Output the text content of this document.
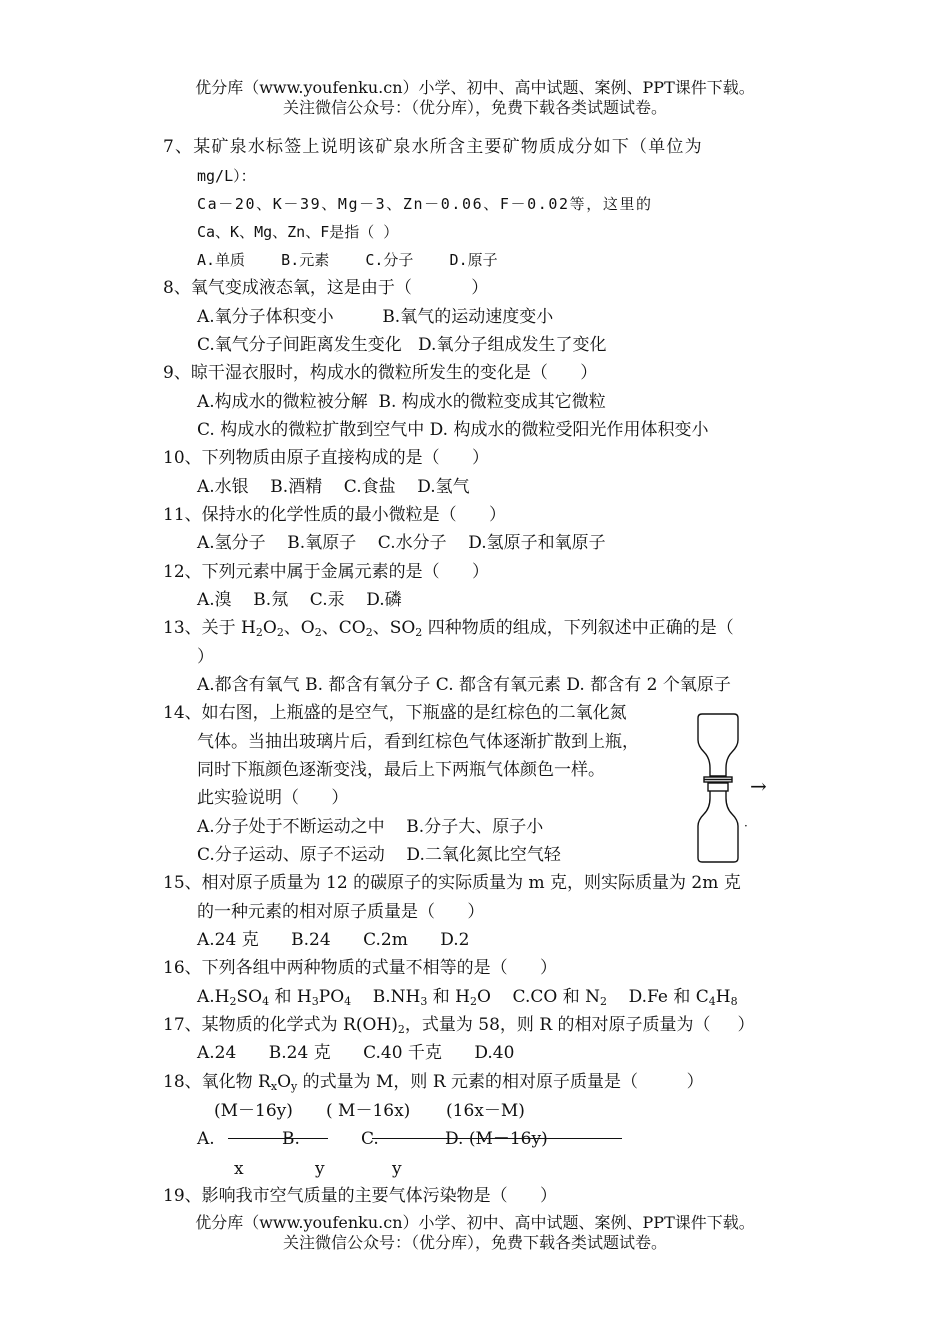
优分库（www.youfenku.cn）小学、初中、高中试题、案例、PPT课件下载。
关注微信公众号：（优分库），免费下载各类试题试卷。
7、某矿泉水标签上说明该矿泉水所含主要矿物质成分如下（单位为
mg/L）：
Ca－20、K－39、Mg－3、Zn－0.06、F－0.02等，这里的
Ca、K、Mg、Zn、F是指（ ）
A.单质    B.元素    C.分子    D.原子
8、氧气变成液态氧，这是由于（           ）
A.氧分子体积变小         B.氧气的运动速度变小
C.氧气分子间距离发生变化   D.氧分子组成发生了变化
9、晾干湿衣服时，构成水的微粒所发生的变化是（      ）
A.构成水的微粒被分解  B. 构成水的微粒变成其它微粒
C. 构成水的微粒扩散到空气中 D. 构成水的微粒受阳光作用体积变小
10、下列物质由原子直接构成的是（      ）
A.水银    B.酒精    C.食盐    D.氢气
11、保持水的化学性质的最小微粒是（      ）
A.氢分子    B.氧原子    C.水分子    D.氢原子和氧原子
12、下列元素中属于金属元素的是（      ）
A.溴    B.氖    C.汞    D.磷
13、关于 $H_2O_2$、$O_2$、$CO_2$、$SO_2$ 四种物质的组成，下列叙述中正确的是（
）
A.都含有氧气 B. 都含有氧分子 C. 都含有氧元素 D. 都含有 2 个氧原子
14、如右图，上瓶盛的是空气，下瓶盛的是红棕色的二氧化氮
气体。当抽出玻璃片后，看到红棕色气体逐渐扩散到上瓶，
同时下瓶颜色逐渐变浅，最后上下两瓶气体颜色一样。
此实验说明（      ）
A.分子处于不断运动之中    B.分子大、原子小
C.分子运动、原子不运动    D.二氧化氮比空气轻
→
·
15、相对原子质量为 12 的碳原子的实际质量为 m 克，则实际质量为 2m 克
的一种元素的相对原子质量是（      ）
A.24 克      B.24      C.2m      D.2
16、下列各组中两种物质的式量不相等的是（      ）
$A.H_2SO_4$ 和 $H_3PO_4$    $B.NH_3$ 和 $H_2O$    C.CO 和 $N_2$    D.Fe 和 $C_4H_8$
17、某物质的化学式为 $R(OH)_2$，式量为 58，则 R 的相对原子质量为（     ）
A.24      B.24 克      C.40 千克      D.40
18、氧化物 $R_xO_y$ 的式量为 M，则 R 元素的相对原子质量是（         ）
(M－16y) ( M－16x) (16x－M)
A.	B.	C.	D. (M－16y)
x	y	y
19、影响我市空气质量的主要气体污染物是（      ）
优分库（www.youfenku.cn）小学、初中、高中试题、案例、PPT课件下载。
关注微信公众号：（优分库），免费下载各类试题试卷。
